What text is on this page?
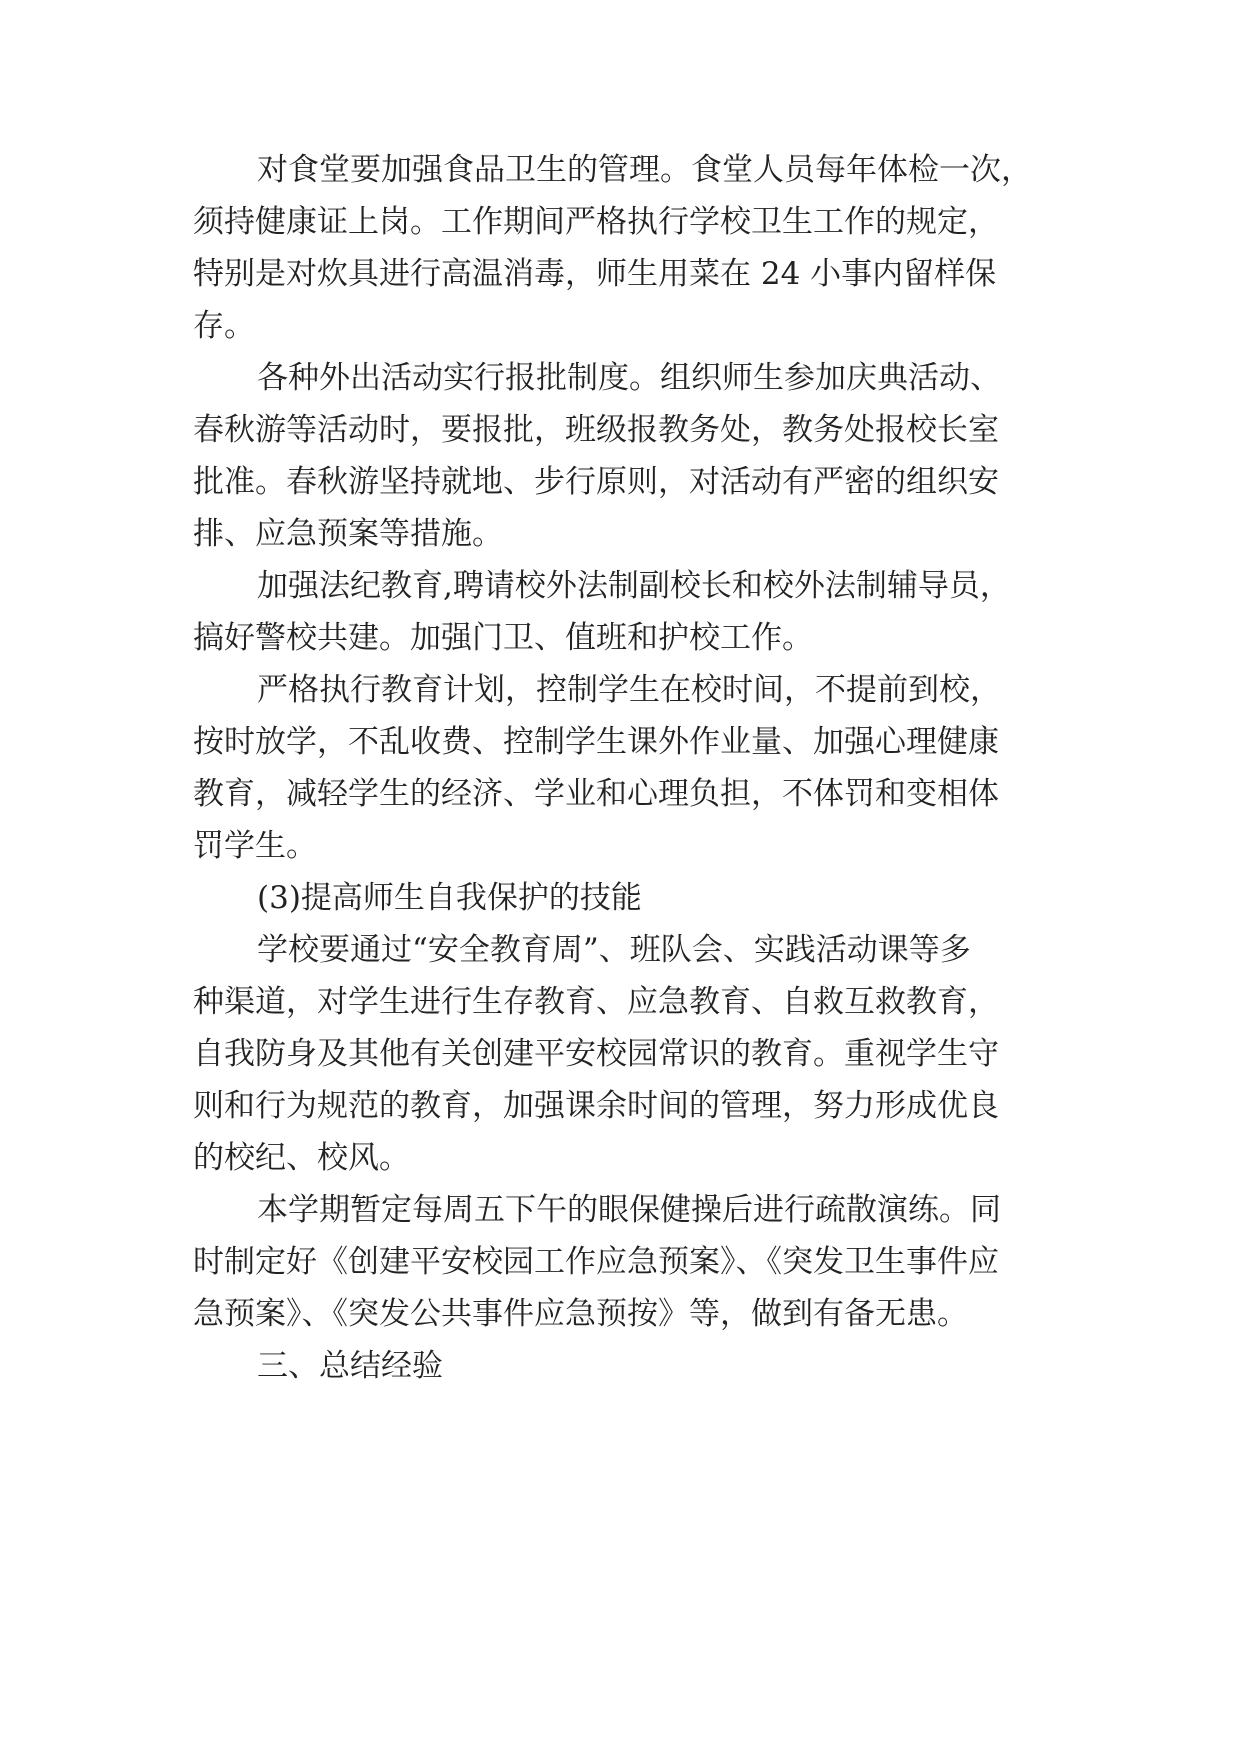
对食堂要加强食品卫生的管理。食堂人员每年体检一次，

须持健康证上岗。工作期间严格执行学校卫生工作的规定，

特别是对炊具进行高温消毒，师生用菜在 24 小事内留样保

存。

各种外出活动实行报批制度。组织师生参加庆典活动、

春秋游等活动时，要报批，班级报教务处，教务处报校长室

批准。春秋游坚持就地、步行原则，对活动有严密的组织安

排、应急预案等措施。

加强法纪教育,聘请校外法制副校长和校外法制辅导员，

搞好警校共建。加强门卫、值班和护校工作。

严格执行教育计划，控制学生在校时间，不提前到校，

按时放学，不乱收费、控制学生课外作业量、加强心理健康

教育，减轻学生的经济、学业和心理负担，不体罚和变相体

罚学生。

(3)提高师生自我保护的技能

学校要通过“安全教育周”、班队会、实践活动课等多

种渠道，对学生进行生存教育、应急教育、自救互救教育，

自我防身及其他有关创建平安校园常识的教育。重视学生守

则和行为规范的教育，加强课余时间的管理，努力形成优良

的校纪、校风。

本学期暂定每周五下午的眼保健操后进行疏散演练。同

时制定好《创建平安校园工作应急预案》、《突发卫生事件应

急预案》、《突发公共事件应急预按》等，做到有备无患。

三、总结经验
